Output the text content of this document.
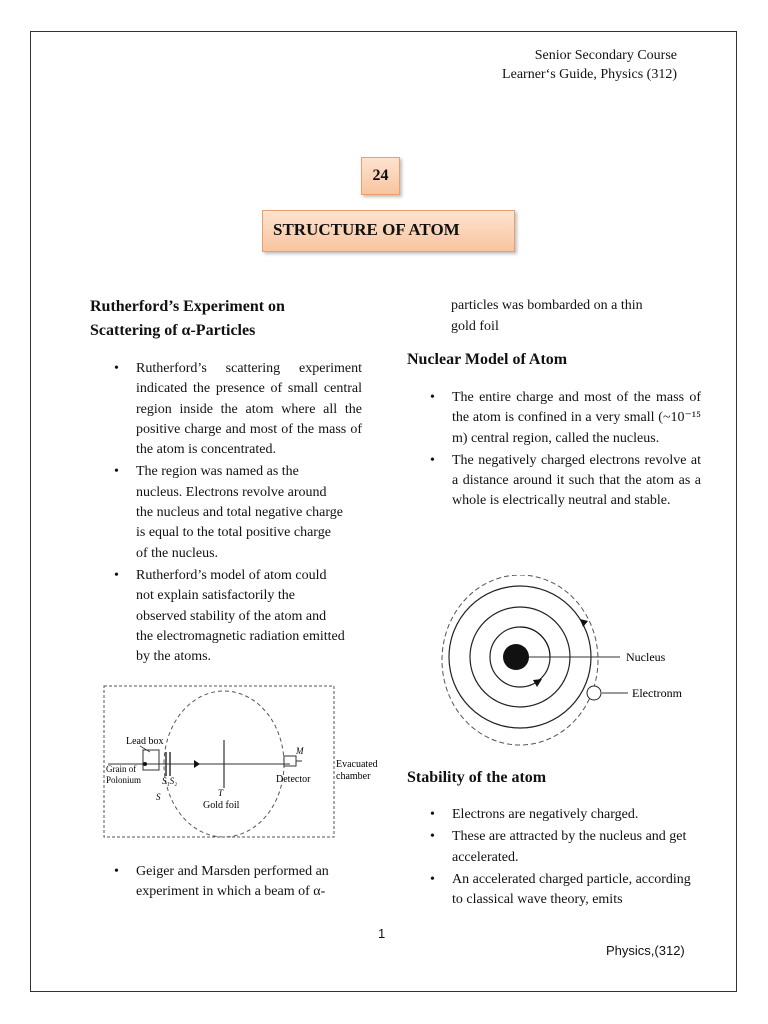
Senior Secondary Course
Learner‘s Guide, Physics (312)
24
STRUCTURE OF ATOM
Rutherford’s Experiment on
Scattering of α-Particles
• Rutherford’s scattering experiment indicated the presence of small central region inside the atom where all the positive charge and most of the mass of the atom is concentrated.
• The region was named as the
nucleus. Electrons revolve around
the nucleus and total negative charge
is equal to the total positive charge
of the nucleus.
• Rutherford’s model of atom could
not explain satisfactorily the
observed stability of the atom and
the electromagnetic radiation emitted
by the atoms.
Lead box
Grain of
Polonium
S
S₁S₂
T
Gold foil
M
Detector
Evacuated
chamber
• Geiger and Marsden performed an
experiment in which a beam of α-
particles was bombarded on a thin
gold foil
Nuclear Model of Atom
• The entire charge and most of the mass of the atom is confined in a very small (~10⁻¹⁵ m) central region, called the nucleus.
• The negatively charged electrons revolve at a distance around it such that the atom as a whole is electrically neutral and stable.
Nucleus
Electronm
Stability of the atom
• Electrons are negatively charged.
• These are attracted by the nucleus and get
accelerated.
• An accelerated charged particle, according
to classical wave theory, emits
1
Physics,(312)
